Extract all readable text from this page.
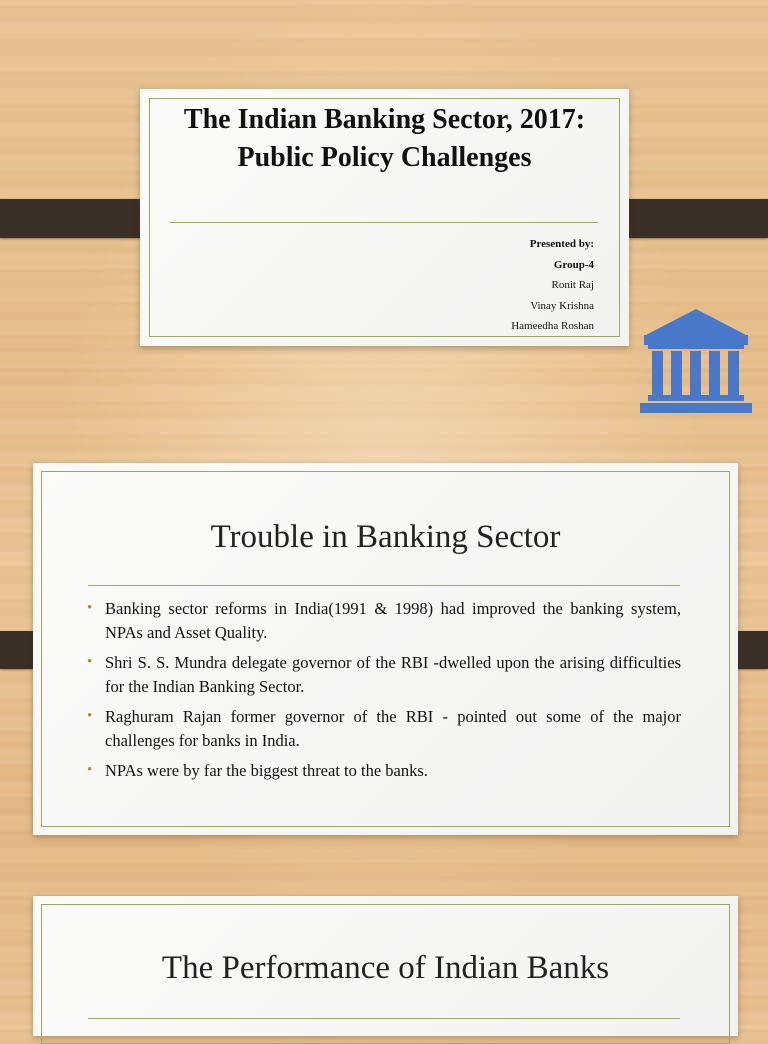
The Indian Banking Sector, 2017: Public Policy Challenges
Presented by:
Group-4
Ronit Raj
Vinay Krishna
Hameedha Roshan
Trouble in Banking Sector
• Banking sector reforms in India(1991 & 1998) had improved the banking system, NPAs and Asset Quality.
• Shri S. S. Mundra delegate governor of the RBI -dwelled upon the arising difficulties for the Indian Banking Sector.
• Raghuram Rajan former governor of the RBI - pointed out some of the major challenges for banks in India.
• NPAs were by far the biggest threat to the banks.
The Performance of Indian Banks
